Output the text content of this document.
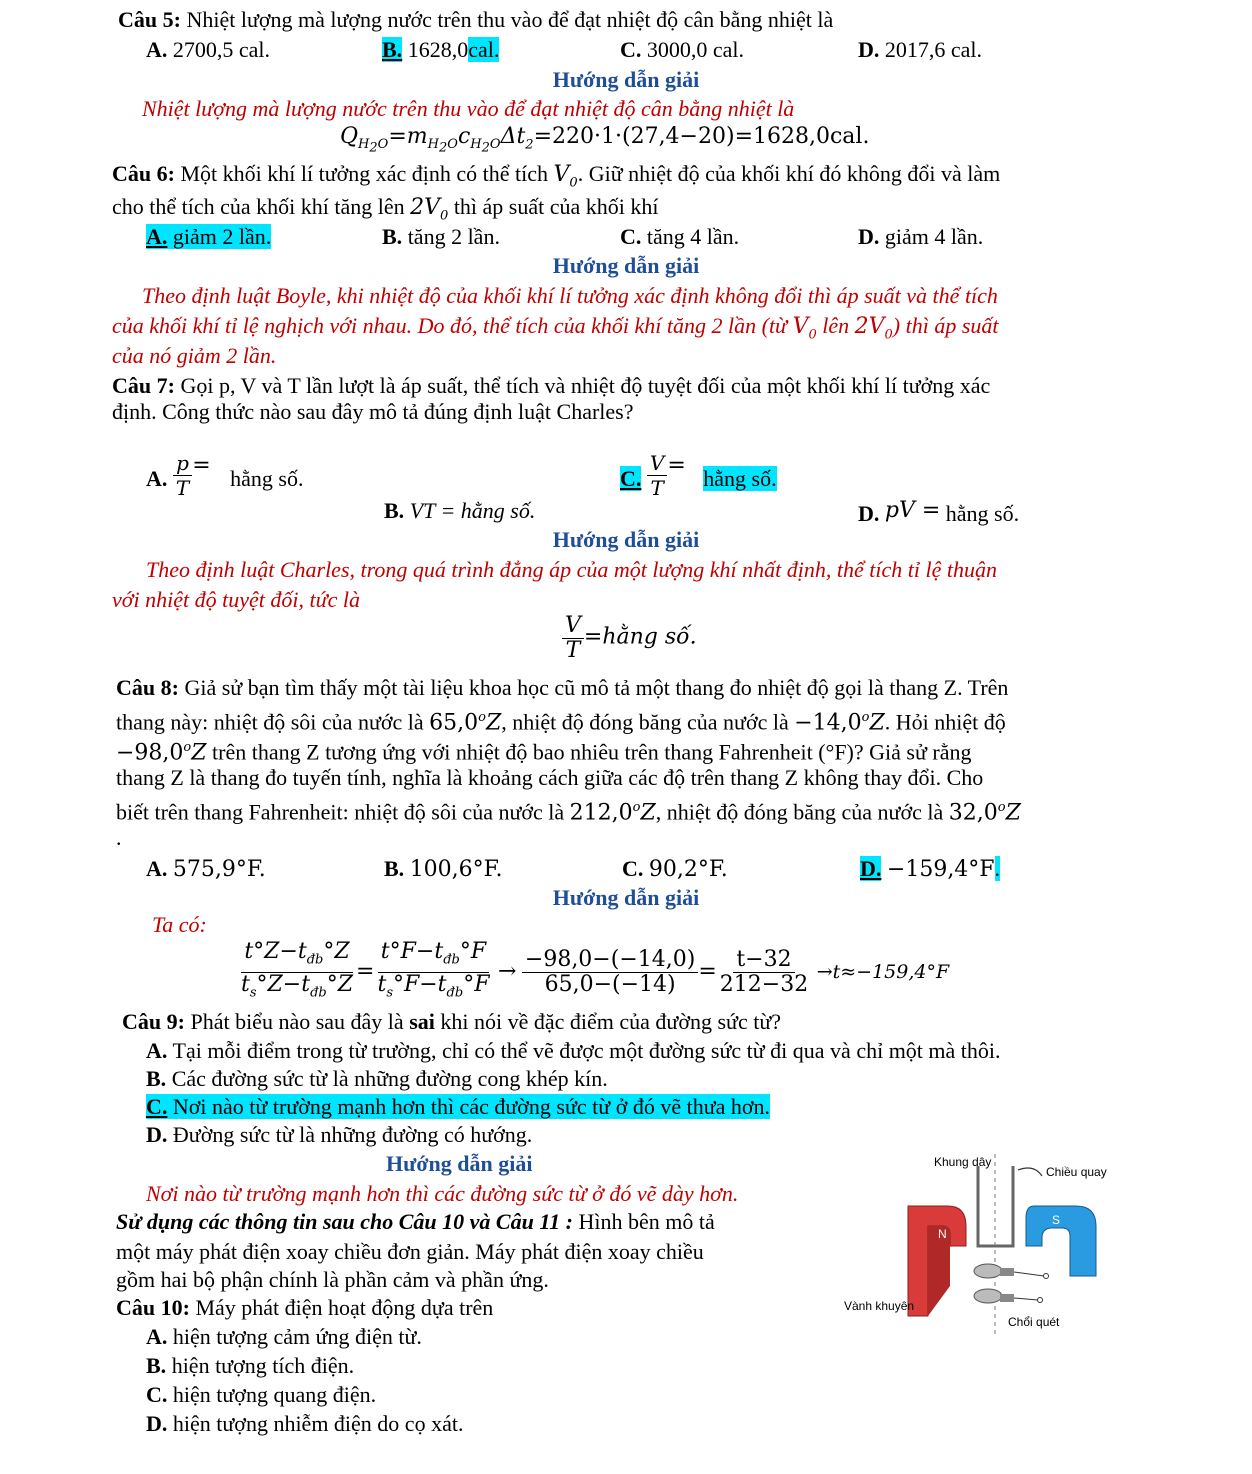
Câu 5: Nhiệt lượng mà lượng nước trên thu vào để đạt nhiệt độ cân bằng nhiệt là
A. 2700,5 cal.	B. 1628,0cal.	C. 3000,0 cal.	D. 2017,6 cal.
Hướng dẫn giải
Nhiệt lượng mà lượng nước trên thu vào để đạt nhiệt độ cân bằng nhiệt là
$Q_{H_2O}=m_{H_2O}c_{H_2O}\Delta t_2=220\cdot 1\cdot(27,4-20)=1628,0cal$.
Câu 6: Một khối khí lí tưởng xác định có thể tích $V_0$. Giữ nhiệt độ của khối khí đó không đổi và làm
cho thể tích của khối khí tăng lên $2V_0$ thì áp suất của khối khí
A. giảm 2 lần.	B. tăng 2 lần.	C. tăng 4 lần.	D. giảm 4 lần.
Hướng dẫn giải
Theo định luật Boyle, khi nhiệt độ của khối khí lí tưởng xác định không đổi thì áp suất và thể tích
của khối khí tỉ lệ nghịch với nhau. Do đó, thể tích của khối khí tăng 2 lần (từ $V_0$ lên $2V_0$) thì áp suất
của nó giảm 2 lần.
Câu 7: Gọi p, V và T lần lượt là áp suất, thể tích và nhiệt độ tuyệt đối của một khối khí lí tưởng xác
định. Công thức nào sau đây mô tả đúng định luật Charles?
A. $\frac{p}{T}$ = hằng số.
B. VT = hằng số.
C. $\frac{V}{T}$ = hằng số.
D. pV = hằng số.
Hướng dẫn giải
Theo định luật Charles, trong quá trình đẳng áp của một lượng khí nhất định, thể tích tỉ lệ thuận
với nhiệt độ tuyệt đối, tức là
$\frac{V}{T}$ =hằng số.
Câu 8: Giả sử bạn tìm thấy một tài liệu khoa học cũ mô tả một thang đo nhiệt độ gọi là thang Z. Trên
thang này: nhiệt độ sôi của nước là 65,0$^o$Z, nhiệt độ đóng băng của nước là $-14,0^oZ$. Hỏi nhiệt độ
$-98,0^oZ$ trên thang Z tương ứng với nhiệt độ bao nhiêu trên thang Fahrenheit (°F)? Giả sử rằng
thang Z là thang đo tuyến tính, nghĩa là khoảng cách giữa các độ trên thang Z không thay đổi. Cho
biết trên thang Fahrenheit: nhiệt độ sôi của nước là 212,0$^o$Z, nhiệt độ đóng băng của nước là 32,0$^o$Z
.
A. 575,9°F.	B. 100,6°F.	C. 90,2°F.	D. −159,4°F.
Hướng dẫn giải
Ta có:
$\frac{t^\circ Z-t_{đb}^\circ Z}{t_s^\circ Z-t_{đb}^\circ Z} = \frac{t^\circ F-t_{đb}^\circ F}{t_s^\circ F-t_{đb}^\circ F} \to \frac{-98,0-(-14,0)}{65,0-(-14)} = \frac{t-32}{212-32} \to t\approx-159,4^\circ F$
Câu 9: Phát biểu nào sau đây là sai khi nói về đặc điểm của đường sức từ?
A. Tại mỗi điểm trong từ trường, chỉ có thể vẽ được một đường sức từ đi qua và chỉ một mà thôi.
B. Các đường sức từ là những đường cong khép kín.
C. Nơi nào từ trường mạnh hơn thì các đường sức từ ở đó vẽ thưa hơn.
D. Đường sức từ là những đường có hướng.
Hướng dẫn giải
Nơi nào từ trường mạnh hơn thì các đường sức từ ở đó vẽ dày hơn.
Sử dụng các thông tin sau cho Câu 10 và Câu 11 : Hình bên mô tả
một máy phát điện xoay chiều đơn giản. Máy phát điện xoay chiều
gồm hai bộ phận chính là phần cảm và phần ứng.
Khung dây
Chiều quay
Vành khuyên
Chổi quét
N
S
Câu 10: Máy phát điện hoạt động dựa trên
A. hiện tượng cảm ứng điện từ.
B. hiện tượng tích điện.
C. hiện tượng quang điện.
D. hiện tượng nhiễm điện do cọ xát.
